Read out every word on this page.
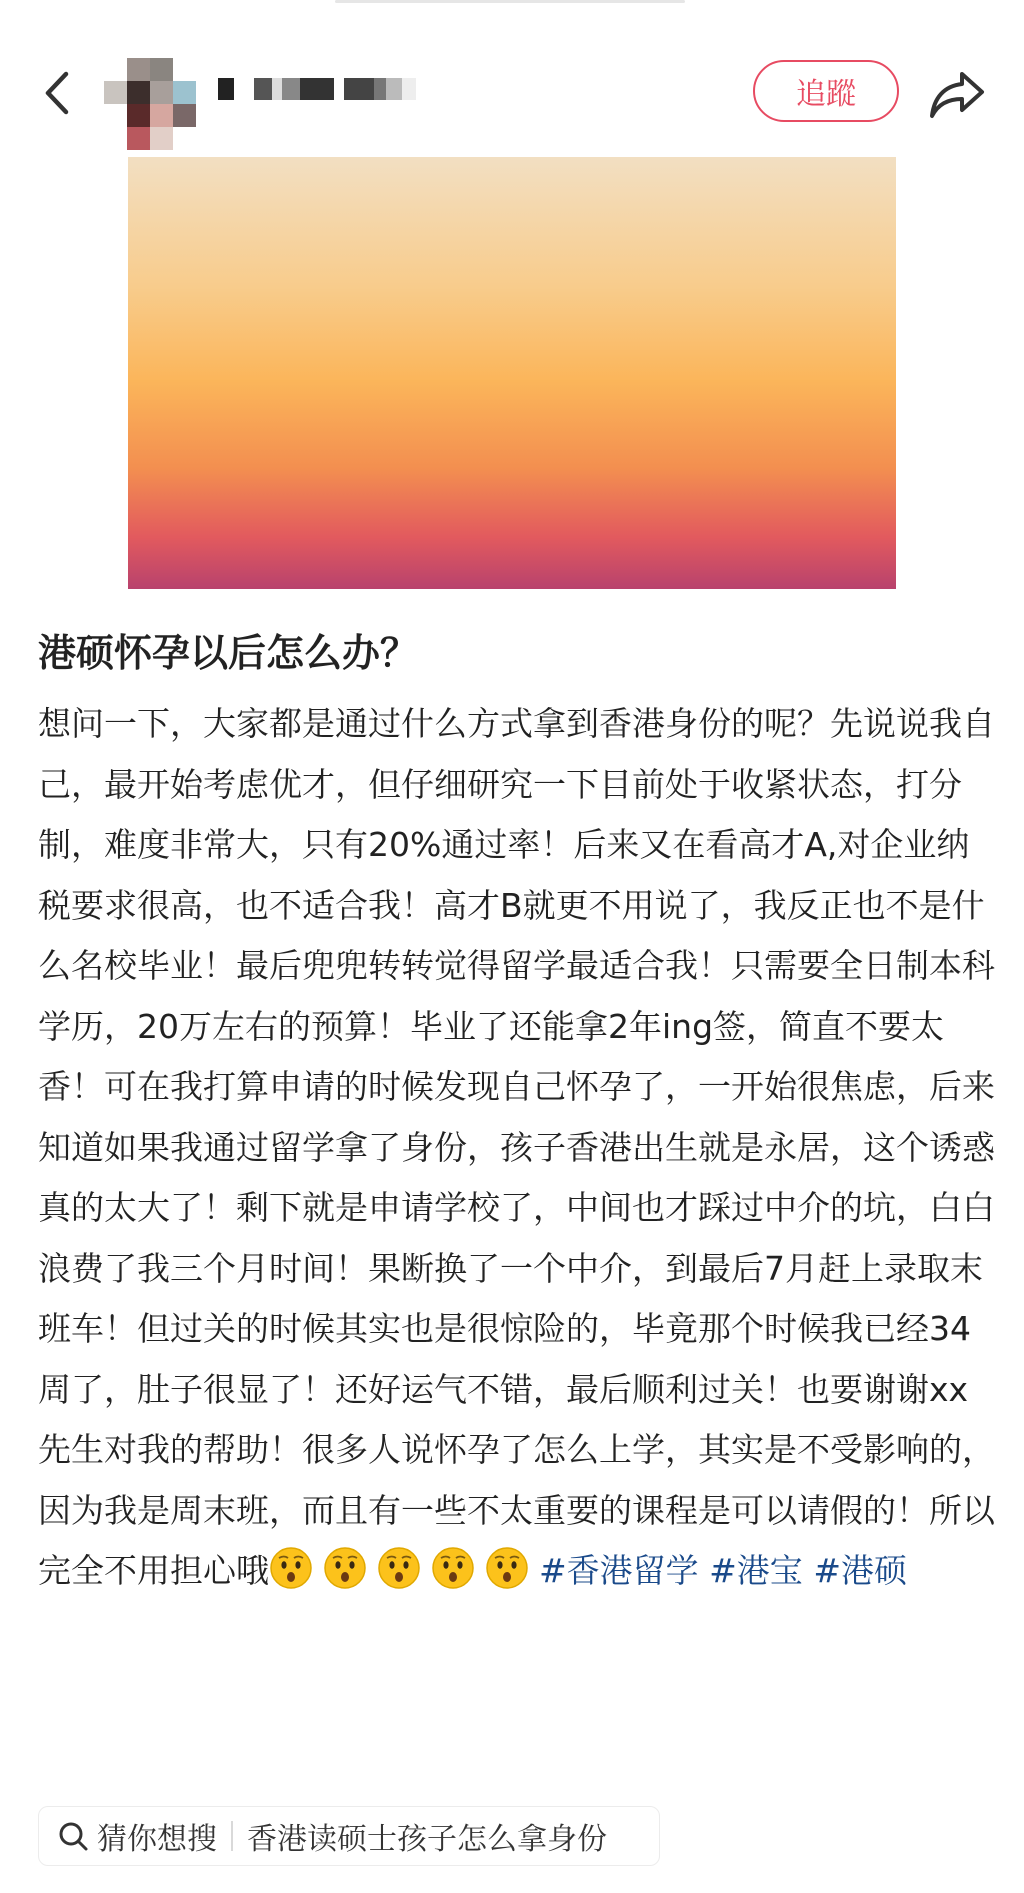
追蹤
港硕怀孕以后怎么办？
想问一下，大家都是通过什么方式拿到香港身份的呢？先说说我自己，最开始考虑优才，但仔细研究一下目前处于收紧状态，打分制，难度非常大，只有20%通过率！后来又在看高才A,对企业纳税要求很高，也不适合我！高才B就更不用说了，我反正也不是什么名校毕业！最后兜兜转转觉得留学最适合我！只需要全日制本科学历，20万左右的预算！毕业了还能拿2年ing签，简直不要太香！可在我打算申请的时候发现自己怀孕了，一开始很焦虑，后来知道如果我通过留学拿了身份，孩子香港出生就是永居，这个诱惑真的太大了！剩下就是申请学校了，中间也才踩过中介的坑，白白浪费了我三个月时间！果断换了一个中介，到最后7月赶上录取末班车！但过关的时候其实也是很惊险的，毕竟那个时候我已经34周了，肚子很显了！还好运气不错，最后顺利过关！也要谢谢xx先生对我的帮助！很多人说怀孕了怎么上学，其实是不受影响的，因为我是周末班，而且有一些不太重要的课程是可以请假的！所以完全不用担心哦	#香港留学 #港宝 #港硕
猜你想搜 香港读硕士孩子怎么拿身份
